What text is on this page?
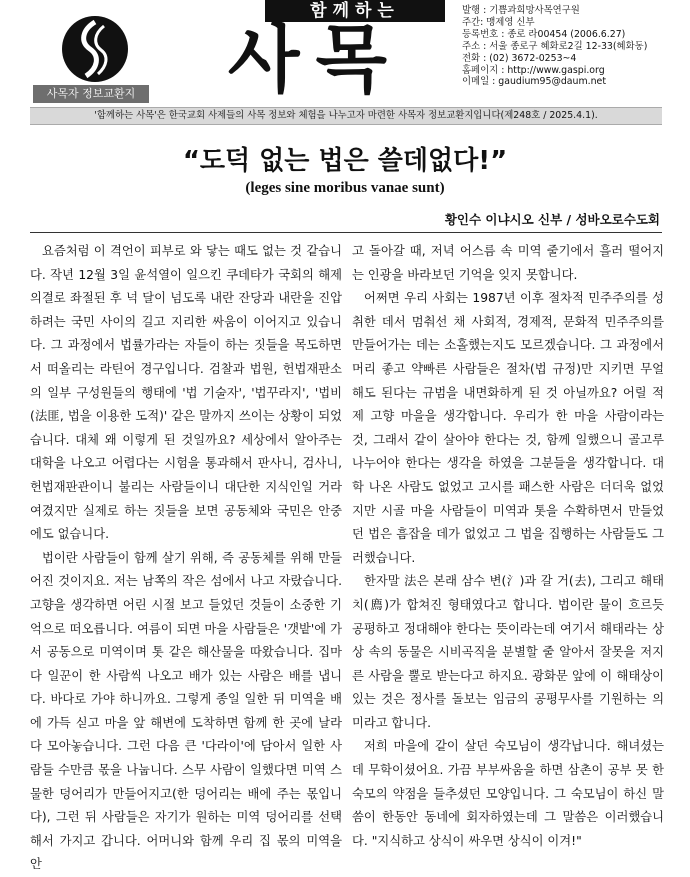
사목자 정보교환지
함께하는
사목
발행 : 기쁨과희망사목연구원
주간: 맹제영 신부
등록번호 : 종로 라00454 (2006.6.27)
주소 : 서울 종로구 혜화로2길 12-33(혜화동)
전화 : (02) 3672-0253~4
홈페이지 : http://www.gaspi.org
이메일 : gaudium95@daum.net
'함께하는 사목'은 한국교회 사제들의 사목 정보와 체험을 나누고자 마련한 사목자 정보교환지입니다(제248호 / 2025.4.1).
“도덕 없는 법은 쓸데없다!”
(leges sine moribus vanae sunt)
황인수 이냐시오 신부 / 성바오로수도회

요즘처럼 이 격언이 피부로 와 닿는 때도 없는 것 같습니다. 작년 12월 3일 윤석열이 일으킨 쿠데타가 국회의 해제 의결로 좌절된 후 넉 달이 넘도록 내란 잔당과 내란을 진압하려는 국민 사이의 길고 지리한 싸움이 이어지고 있습니다. 그 과정에서 법률가라는 자들이 하는 짓들을 목도하면서 떠올리는 라틴어 경구입니다. 검찰과 법원, 헌법재판소의 일부 구성원들의 행태에 '법 기술자', '법꾸라지', '법비(法匪, 법을 이용한 도적)' 같은 말까지 쓰이는 상황이 되었습니다. 대체 왜 이렇게 된 것일까요? 세상에서 알아주는 대학을 나오고 어렵다는 시험을 통과해서 판사니, 검사니, 헌법재판관이니 불리는 사람들이니 대단한 지식인일 거라 여겼지만 실제로 하는 짓들을 보면 공동체와 국민은 안중에도 없습니다.

법이란 사람들이 함께 살기 위해, 즉 공동체를 위해 만들어진 것이지요. 저는 남쪽의 작은 섬에서 나고 자랐습니다. 고향을 생각하면 어린 시절 보고 들었던 것들이 소중한 기억으로 떠오릅니다. 여름이 되면 마을 사람들은 '갯밭'에 가서 공동으로 미역이며 톳 같은 해산물을 따왔습니다. 집마다 일꾼이 한 사람씩 나오고 배가 있는 사람은 배를 냅니다. 바다로 가야 하니까요. 그렇게 종일 일한 뒤 미역을 배에 가득 싣고 마을 앞 해변에 도착하면 함께 한 곳에 날라다 모아놓습니다. 그런 다음 큰 '다라이'에 담아서 일한 사람들 수만큼 몫을 나눕니다. 스무 사람이 일했다면 미역 스물한 덩어리가 만들어지고(한 덩어리는 배에 주는 몫입니다), 그런 뒤 사람들은 자기가 원하는 미역 덩어리를 선택해서 가지고 갑니다. 어머니와 함께 우리 집 몫의 미역을 안

고 돌아갈 때, 저녁 어스름 속 미역 줄기에서 흘러 떨어지는 인광을 바라보던 기억을 잊지 못합니다.

어쩌면 우리 사회는 1987년 이후 절차적 민주주의를 성취한 데서 멈춰선 채 사회적, 경제적, 문화적 민주주의를 만들어가는 데는 소홀했는지도 모르겠습니다. 그 과정에서 머리 좋고 약빠른 사람들은 절차(법 규정)만 지키면 무얼 해도 된다는 규범을 내면화하게 된 것 아닐까요? 어릴 적 제 고향 마을을 생각합니다. 우리가 한 마을 사람이라는 것, 그래서 같이 살아야 한다는 것, 함께 일했으니 골고루 나누어야 한다는 생각을 하였을 그분들을 생각합니다. 대학 나온 사람도 없었고 고시를 패스한 사람은 더더욱 없었지만 시골 마을 사람들이 미역과 톳을 수확하면서 만들었던 법은 흠잡을 데가 없었고 그 법을 집행하는 사람들도 그러했습니다.

한자말 法은 본래 삼수 변(氵)과 갈 거(去), 그리고 해태 치(廌)가 합쳐진 형태였다고 합니다. 법이란 물이 흐르듯 공평하고 정대해야 한다는 뜻이라는데 여기서 해태라는 상상 속의 동물은 시비곡직을 분별할 줄 알아서 잘못을 저지른 사람을 뿔로 받는다고 하지요. 광화문 앞에 이 해태상이 있는 것은 정사를 돌보는 임금의 공평무사를 기원하는 의미라고 합니다.

저희 마을에 같이 살던 숙모님이 생각납니다. 해녀셨는데 무학이셨어요. 가끔 부부싸움을 하면 삼촌이 공부 못 한 숙모의 약점을 들추셨던 모양입니다. 그 숙모님이 하신 말씀이 한동안 동네에 회자하였는데 그 말씀은 이러했습니다. "지식하고 상식이 싸우면 상식이 이겨!"
